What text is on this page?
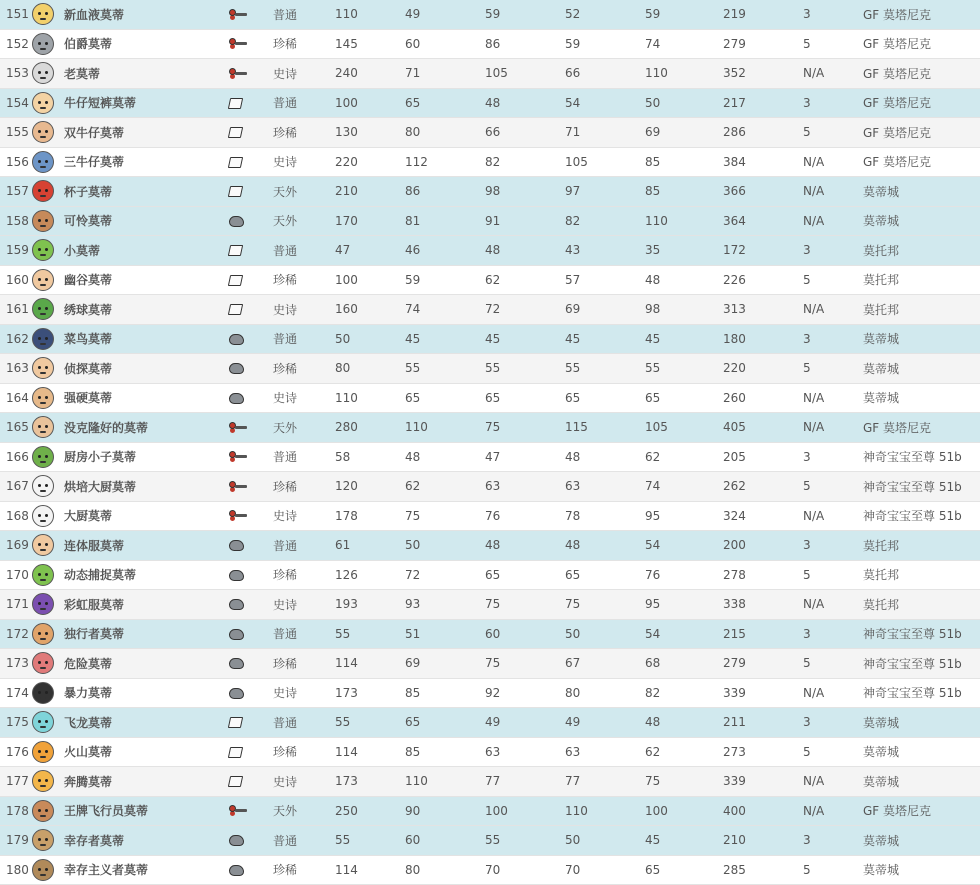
151		新血液莫蒂		普通	110	49	59	52	59	219	3	GF 莫塔尼克
152		伯爵莫蒂		珍稀	145	60	86	59	74	279	5	GF 莫塔尼克
153		老莫蒂		史诗	240	71	105	66	110	352	N/A	GF 莫塔尼克
154		牛仔短裤莫蒂		普通	100	65	48	54	50	217	3	GF 莫塔尼克
155		双牛仔莫蒂		珍稀	130	80	66	71	69	286	5	GF 莫塔尼克
156		三牛仔莫蒂		史诗	220	112	82	105	85	384	N/A	GF 莫塔尼克
157		杯子莫蒂		天外	210	86	98	97	85	366	N/A	莫蒂城
158		可怜莫蒂		天外	170	81	91	82	110	364	N/A	莫蒂城
159		小莫蒂		普通	47	46	48	43	35	172	3	莫托邦
160		幽谷莫蒂		珍稀	100	59	62	57	48	226	5	莫托邦
161		绣球莫蒂		史诗	160	74	72	69	98	313	N/A	莫托邦
162		菜鸟莫蒂		普通	50	45	45	45	45	180	3	莫蒂城
163		侦探莫蒂		珍稀	80	55	55	55	55	220	5	莫蒂城
164		强硬莫蒂		史诗	110	65	65	65	65	260	N/A	莫蒂城
165		没克隆好的莫蒂		天外	280	110	75	115	105	405	N/A	GF 莫塔尼克
166		厨房小子莫蒂		普通	58	48	47	48	62	205	3	神奇宝宝至尊 51b
167		烘培大厨莫蒂		珍稀	120	62	63	63	74	262	5	神奇宝宝至尊 51b
168		大厨莫蒂		史诗	178	75	76	78	95	324	N/A	神奇宝宝至尊 51b
169		连体服莫蒂		普通	61	50	48	48	54	200	3	莫托邦
170		动态捕捉莫蒂		珍稀	126	72	65	65	76	278	5	莫托邦
171		彩虹服莫蒂		史诗	193	93	75	75	95	338	N/A	莫托邦
172		独行者莫蒂		普通	55	51	60	50	54	215	3	神奇宝宝至尊 51b
173		危险莫蒂		珍稀	114	69	75	67	68	279	5	神奇宝宝至尊 51b
174		暴力莫蒂		史诗	173	85	92	80	82	339	N/A	神奇宝宝至尊 51b
175		飞龙莫蒂		普通	55	65	49	49	48	211	3	莫蒂城
176		火山莫蒂		珍稀	114	85	63	63	62	273	5	莫蒂城
177		奔腾莫蒂		史诗	173	110	77	77	75	339	N/A	莫蒂城
178		王牌飞行员莫蒂		天外	250	90	100	110	100	400	N/A	GF 莫塔尼克
179		幸存者莫蒂		普通	55	60	55	50	45	210	3	莫蒂城
180		幸存主义者莫蒂		珍稀	114	80	70	70	65	285	5	莫蒂城
